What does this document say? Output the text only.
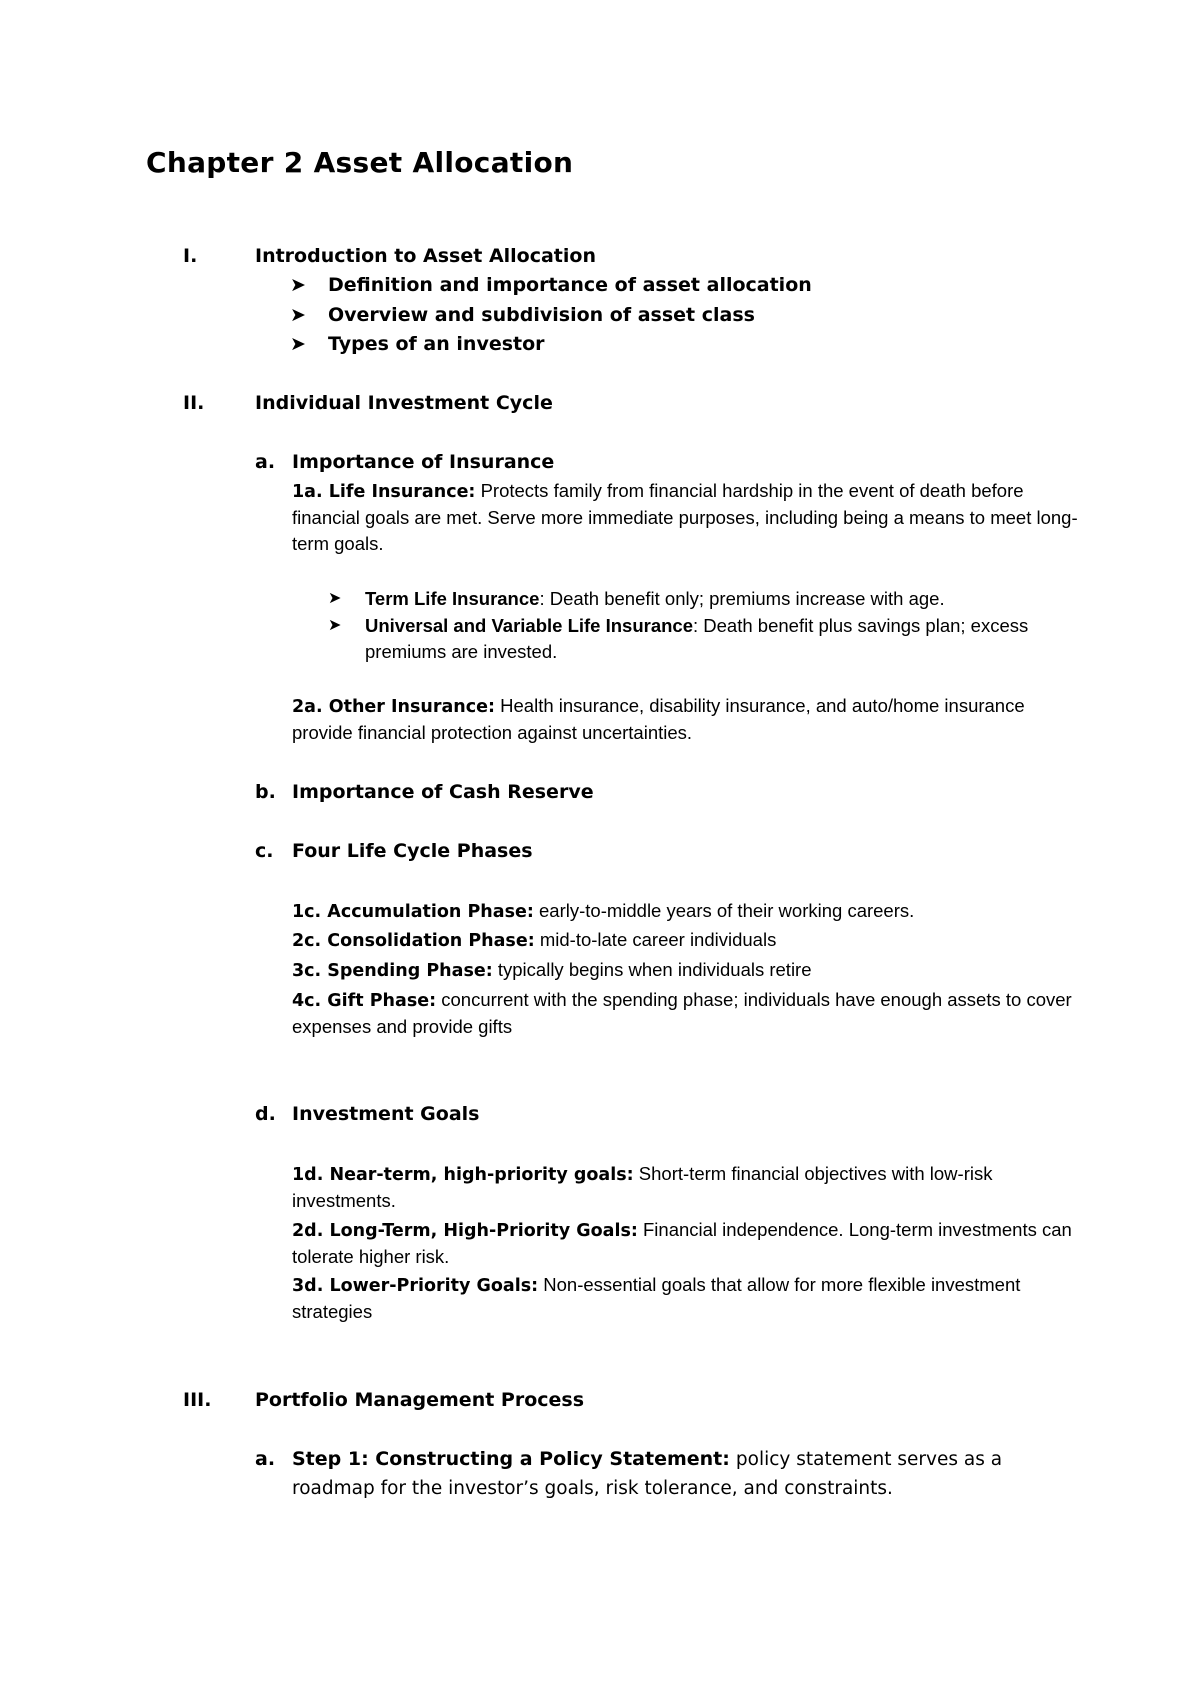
Chapter 2 Asset Allocation
I.	Introduction to Asset Allocation
➤ Definition and importance of asset allocation
➤ Overview and subdivision of asset class
➤ Types of an investor
II.	Individual Investment Cycle
a. Importance of Insurance
1a. Life Insurance: Protects family from financial hardship in the event of death before financial goals are met. Serve more immediate purposes, including being a means to meet long-term goals.
➤	Term Life Insurance: Death benefit only; premiums increase with age.
➤	Universal and Variable Life Insurance: Death benefit plus savings plan; excess premiums are invested.
2a. Other Insurance: Health insurance, disability insurance, and auto/home insurance provide financial protection against uncertainties.
b. Importance of Cash Reserve
c. Four Life Cycle Phases
1c. Accumulation Phase: early-to-middle years of their working careers.
2c. Consolidation Phase: mid-to-late career individuals
3c. Spending Phase: typically begins when individuals retire
4c. Gift Phase: concurrent with the spending phase; individuals have enough assets to cover expenses and provide gifts
d. Investment Goals
1d. Near-term, high-priority goals: Short-term financial objectives with low-risk investments.
2d. Long-Term, High-Priority Goals: Financial independence. Long-term investments can tolerate higher risk.
3d. Lower-Priority Goals: Non-essential goals that allow for more flexible investment strategies
III. Portfolio Management Process
a. Step 1: Constructing a Policy Statement: policy statement serves as a roadmap for the investor’s goals, risk tolerance, and constraints.
